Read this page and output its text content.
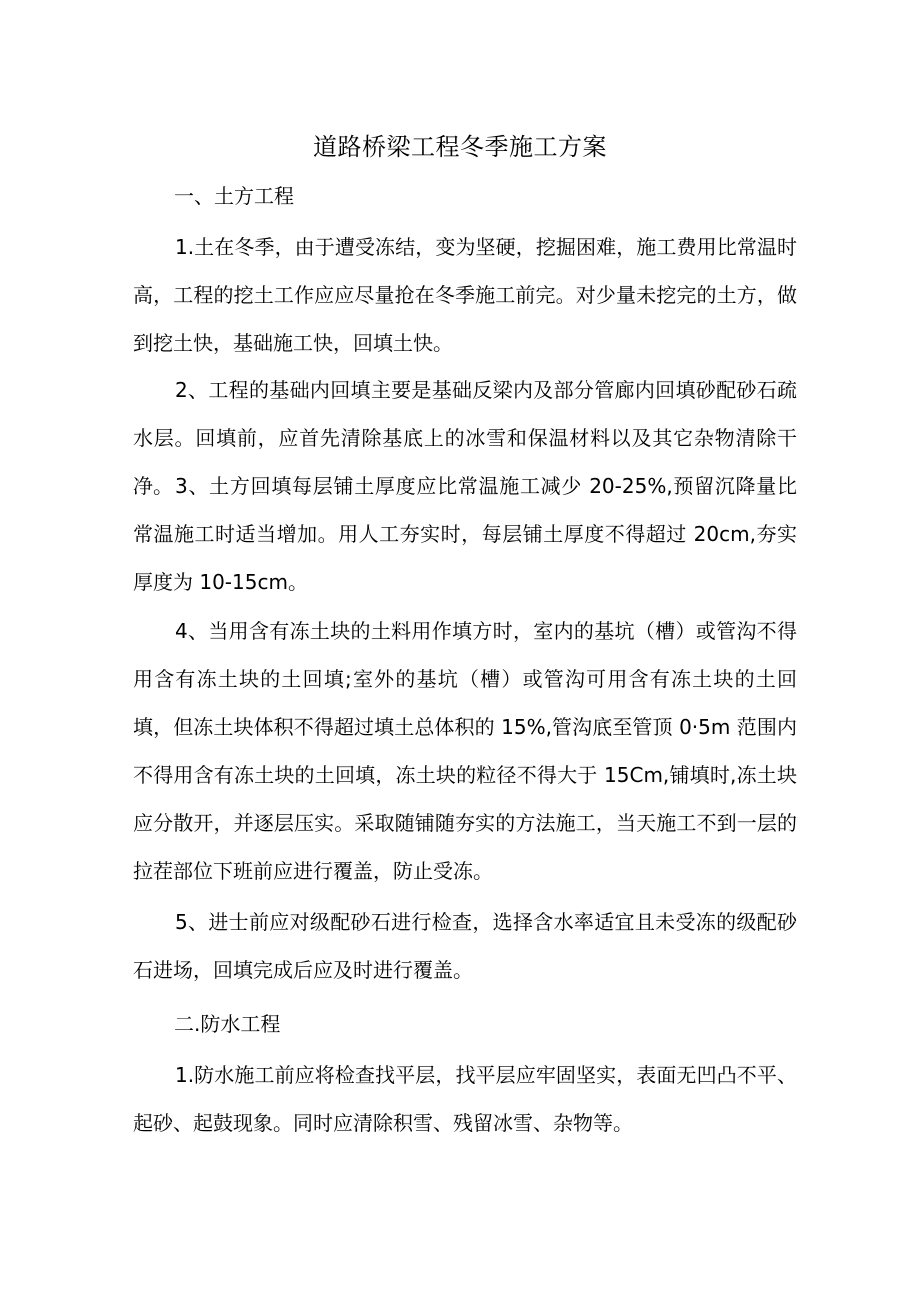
道路桥梁工程冬季施工方案
一、土方工程

1.土在冬季，由于遭受冻结，变为坚硬，挖掘困难，施工费用比常温时高，工程的挖土工作应应尽量抢在冬季施工前完。对少量未挖完的土方，做到挖土快，基础施工快，回填土快。

2、工程的基础内回填主要是基础反梁内及部分管廊内回填砂配砂石疏水层。回填前，应首先清除基底上的冰雪和保温材料以及其它杂物清除干净。 3、土方回填每层铺土厚度应比常温施工减少 20-25%,预留沉降量比常温施工时适当增加。用人工夯实时，每层铺土厚度不得超过 20cm,夯实厚度为 10-15cm。

4、当用含有冻土块的土料用作填方时，室内的基坑（槽）或管沟不得用含有冻土块的土回填;室外的基坑（槽）或管沟可用含有冻土块的土回填，但冻土块体积不得超过填土总体积的 15%,管沟底至管顶 0·5m 范围内不得用含有冻土块的土回填，冻土块的粒径不得大于 15Cm,铺填时,冻土块应分散开，并逐层压实。采取随铺随夯实的方法施工，当天施工不到一层的拉茬部位下班前应进行覆盖，防止受冻。

5、进士前应对级配砂石进行检查，选择含水率适宜且未受冻的级配砂石进场，回填完成后应及时进行覆盖。

二.防水工程

1.防水施工前应将检查找平层，找平层应牢固坚实，表面无凹凸不平、起砂、起鼓现象。同时应清除积雪、残留冰雪、杂物等。
